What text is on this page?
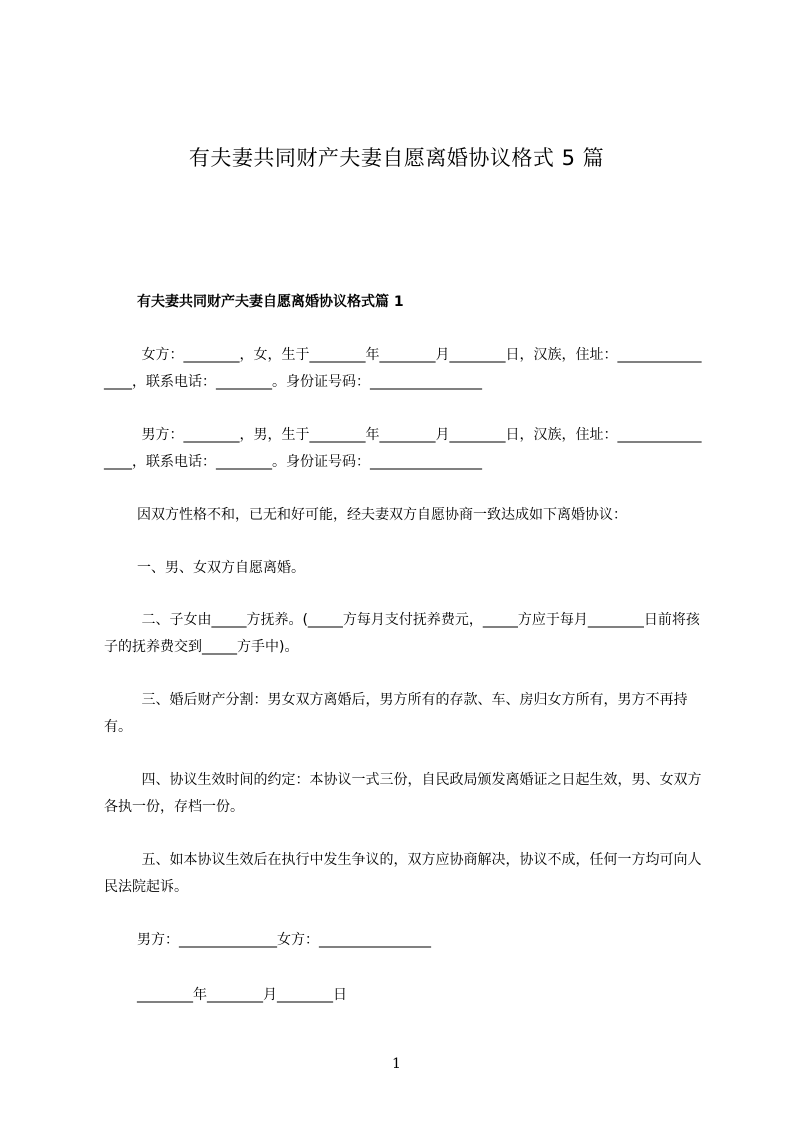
有夫妻共同财产夫妻自愿离婚协议格式 5 篇
有夫妻共同财产夫妻自愿离婚协议格式篇 1

女方：________，女，生于________年________月________日，汉族，住址：________________，联系电话：________。身份证号码：________________

男方：________，男，生于________年________月________日，汉族，住址：________________，联系电话：________。身份证号码：________________

因双方性格不和，已无和好可能，经夫妻双方自愿协商一致达成如下离婚协议：

一、男、女双方自愿离婚。

二、子女由_____方抚养。(_____方每月支付抚养费元，_____方应于每月________日前将孩子的抚养费交到_____方手中)。

三、婚后财产分割：男女双方离婚后，男方所有的存款、车、房归女方所有，男方不再持有。

四、协议生效时间的约定：本协议一式三份，自民政局颁发离婚证之日起生效，男、女双方各执一份，存档一份。

五、如本协议生效后在执行中发生争议的，双方应协商解决，协议不成，任何一方均可向人民法院起诉。

男方：______________女方：________________

________年________月________日

1
